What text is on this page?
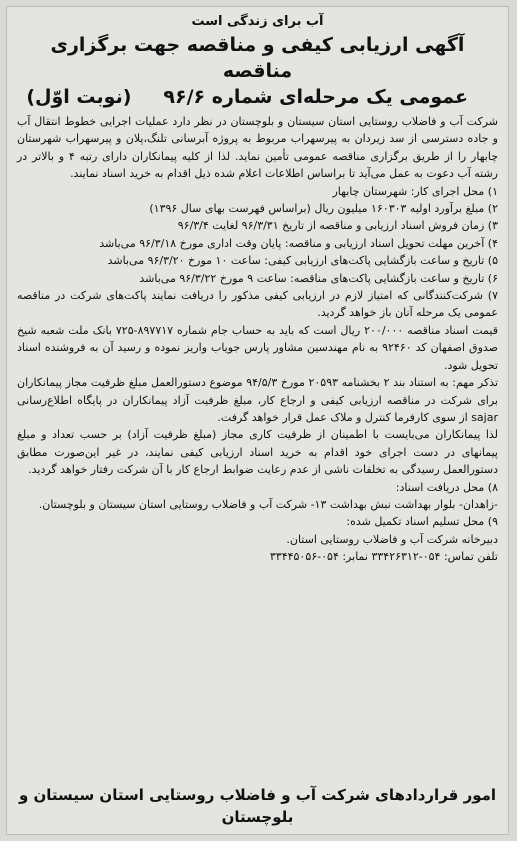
آب برای زندگی است
آگهی ارزیابی کیفی و مناقصه جهت برگزاری مناقصه
عمومی یک مرحله‌ای شماره ۹۶/۶(نوبت اوّل)

شرکت آب و فاضلاب روستایی استان سیستان و بلوچستان در نظر دارد عملیات اجرایی خطوط انتقال آب و جاده دسترسی از سد زیردان به پیرسهراب مربوط به پروژه آبرسانی تلنگ،پلان و پیرسهراب شهرستان چابهار را از طریق برگزاری مناقصه عمومی تأمین نماید. لذا از کلیه پیمانکاران دارای رتبه ۴ و بالاتر در رشته آب دعوت به عمل می‌آید تا براساس اطلاعات اعلام شده ذیل اقدام به خرید اسناد نمایند.

۱) محل اجرای کار: شهرستان چابهار

۲) مبلغ برآورد اولیه ۱۶۰۳۰۳ میلیون ریال (براساس فهرست بهای سال ۱۳۹۶)

۳) زمان فروش اسناد ارزیابی و مناقصه از تاریخ ۹۶/۳/۳۱ لغایت ۹۶/۳/۴

۴) آخرین مهلت تحویل اسناد ارزیابی و مناقصه: پایان وقت اداری مورخ ۹۶/۳/۱۸ می‌باشد

۵) تاریخ و ساعت بازگشایی پاکت‌های ارزیابی کیفی: ساعت ۱۰ مورخ ۹۶/۳/۲۰ می‌باشد

۶) تاریخ و ساعت بازگشایی پاکت‌های مناقصه: ساعت ۹ مورخ ۹۶/۳/۲۲ می‌باشد

۷) شرکت‌کنندگانی که امتیاز لازم در ارزیابی کیفی مذکور را دریافت نمایند پاکت‌های شرکت در مناقصه عمومی یک مرحله آنان باز خواهد گردید.

قیمت اسناد مناقصه ۲۰۰/۰۰۰ ریال است که باید به حساب جام شماره ۸۹۷۷۱۷-۷۲۵ بانک ملت شعبه شیخ صدوق اصفهان کد ۹۲۴۶۰ به نام مهندسین مشاور پارس جویاب واریز نموده و رسید آن به فروشنده اسناد تحویل شود.

تذکر مهم: به استناد بند ۲ بخشنامه ۲۰۵۹۳ مورخ ۹۴/۵/۳ موضوع دستورالعمل مبلغ ظرفیت مجاز پیمانکاران برای شرکت در مناقصه ارزیابی کیفی و ارجاع کار، مبلغ ظرفیت آزاد پیمانکاران در پایگاه اطلاع‌رسانی sajar از سوی کارفرما کنترل و ملاک عمل قرار خواهد گرفت.

لذا پیمانکاران می‌بایست با اطمینان از ظرفیت کاری مجاز (مبلغ ظرفیت آزاد) بر حسب تعداد و مبلغ پیمانهای در دست اجرای خود اقدام به خرید اسناد ارزیابی کیفی نمایند، در غیر این‌صورت مطابق دستورالعمل رسیدگی به تخلفات ناشی از عدم رعایت ضوابط ارجاع کار با آن شرکت رفتار خواهد گردید.

۸) محل دریافت اسناد:

-زاهدان- بلوار بهداشت نبش بهداشت ۱۳- شرکت آب و فاضلاب روستایی استان سیستان و بلوچستان.

۹) محل تسلیم اسناد تکمیل شده:

دبیرخانه شرکت آب و فاضلاب روستایی استان.

تلفن تماس: ۰۵۴-۳۳۴۲۶۳۱۲ نمابر: ۰۵۴-۳۳۴۴۵۰۵۶

امور قراردادهای شرکت آب و فاضلاب روستایی استان سیستان و بلوچستان
